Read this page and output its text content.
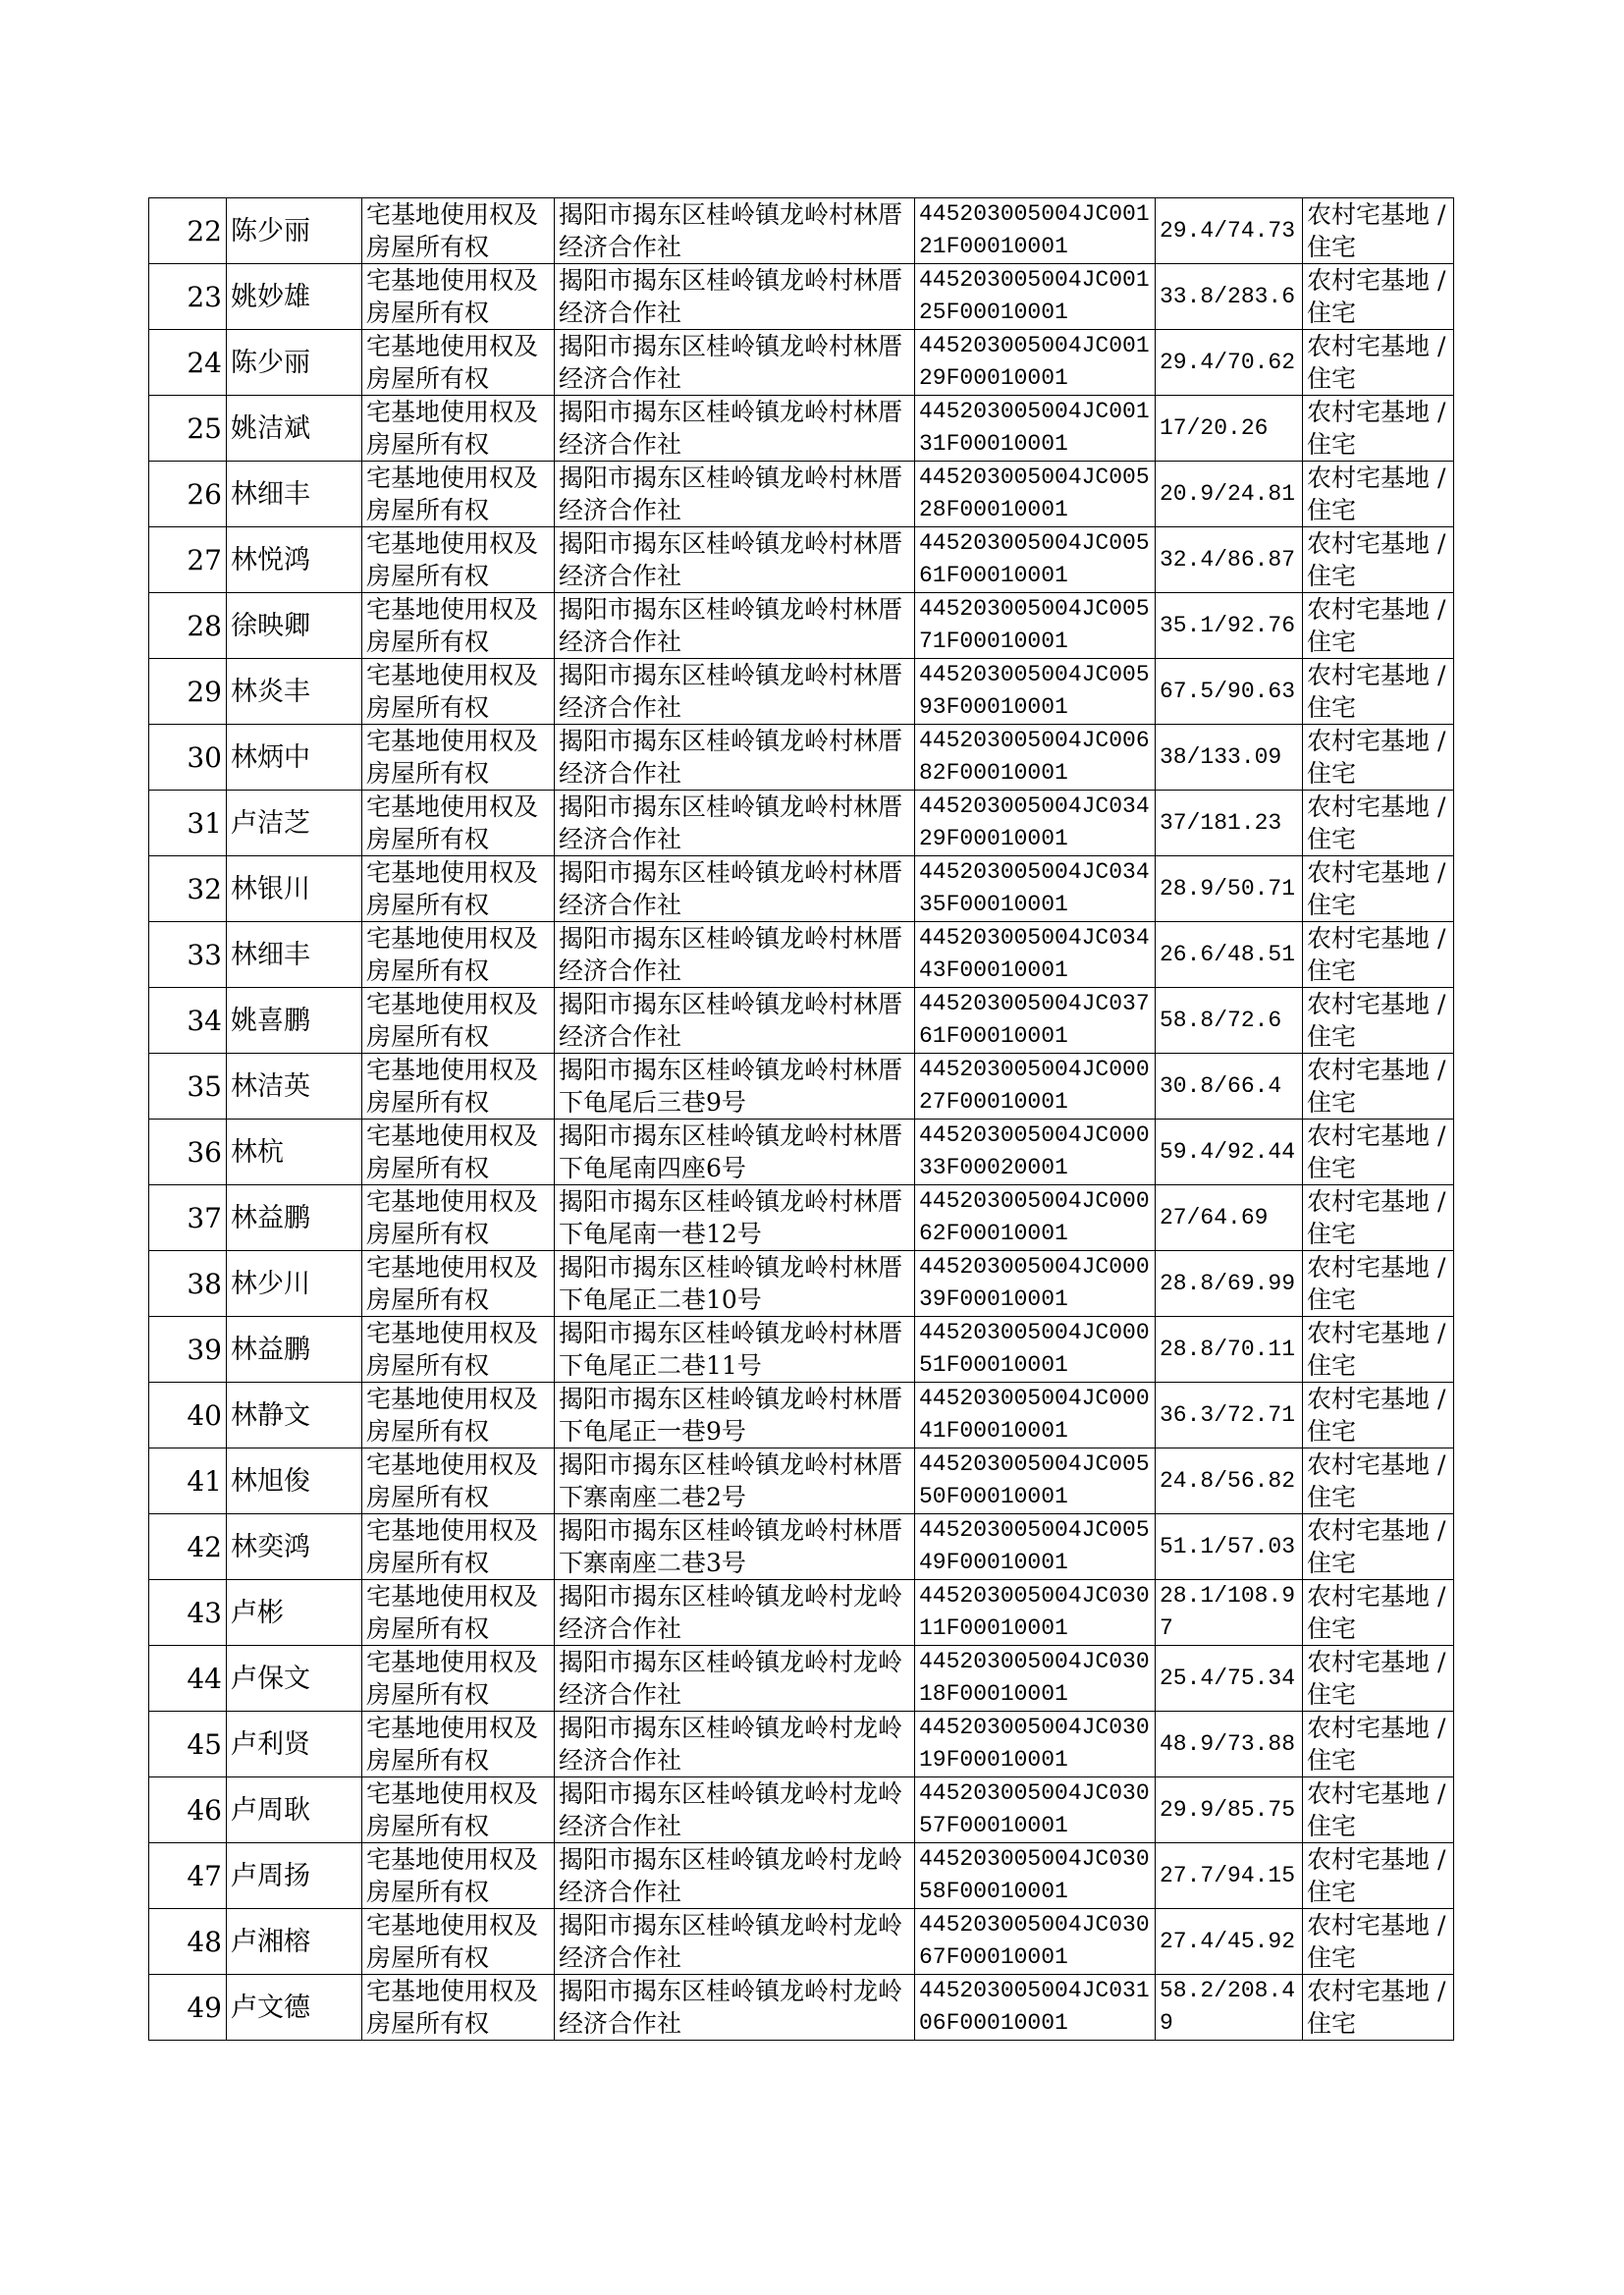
22	陈少丽	宅基地使用权及房屋所有权	揭阳市揭东区桂岭镇龙岭村林厝经济合作社	445203005004JC00121F00010001	29.4/74.73	农村宅基地 / 住宅
23	姚妙雄	宅基地使用权及房屋所有权	揭阳市揭东区桂岭镇龙岭村林厝经济合作社	445203005004JC00125F00010001	33.8/283.6	农村宅基地 / 住宅
24	陈少丽	宅基地使用权及房屋所有权	揭阳市揭东区桂岭镇龙岭村林厝经济合作社	445203005004JC00129F00010001	29.4/70.62	农村宅基地 / 住宅
25	姚洁斌	宅基地使用权及房屋所有权	揭阳市揭东区桂岭镇龙岭村林厝经济合作社	445203005004JC00131F00010001	17/20.26	农村宅基地 / 住宅
26	林细丰	宅基地使用权及房屋所有权	揭阳市揭东区桂岭镇龙岭村林厝经济合作社	445203005004JC00528F00010001	20.9/24.81	农村宅基地 / 住宅
27	林悦鸿	宅基地使用权及房屋所有权	揭阳市揭东区桂岭镇龙岭村林厝经济合作社	445203005004JC00561F00010001	32.4/86.87	农村宅基地 / 住宅
28	徐映卿	宅基地使用权及房屋所有权	揭阳市揭东区桂岭镇龙岭村林厝经济合作社	445203005004JC00571F00010001	35.1/92.76	农村宅基地 / 住宅
29	林炎丰	宅基地使用权及房屋所有权	揭阳市揭东区桂岭镇龙岭村林厝经济合作社	445203005004JC00593F00010001	67.5/90.63	农村宅基地 / 住宅
30	林炳中	宅基地使用权及房屋所有权	揭阳市揭东区桂岭镇龙岭村林厝经济合作社	445203005004JC00682F00010001	38/133.09	农村宅基地 / 住宅
31	卢洁芝	宅基地使用权及房屋所有权	揭阳市揭东区桂岭镇龙岭村林厝经济合作社	445203005004JC03429F00010001	37/181.23	农村宅基地 / 住宅
32	林银川	宅基地使用权及房屋所有权	揭阳市揭东区桂岭镇龙岭村林厝经济合作社	445203005004JC03435F00010001	28.9/50.71	农村宅基地 / 住宅
33	林细丰	宅基地使用权及房屋所有权	揭阳市揭东区桂岭镇龙岭村林厝经济合作社	445203005004JC03443F00010001	26.6/48.51	农村宅基地 / 住宅
34	姚喜鹏	宅基地使用权及房屋所有权	揭阳市揭东区桂岭镇龙岭村林厝经济合作社	445203005004JC03761F00010001	58.8/72.6	农村宅基地 / 住宅
35	林洁英	宅基地使用权及房屋所有权	揭阳市揭东区桂岭镇龙岭村林厝下龟尾后三巷9号	445203005004JC00027F00010001	30.8/66.4	农村宅基地 / 住宅
36	林杭	宅基地使用权及房屋所有权	揭阳市揭东区桂岭镇龙岭村林厝下龟尾南四座6号	445203005004JC00033F00020001	59.4/92.44	农村宅基地 / 住宅
37	林益鹏	宅基地使用权及房屋所有权	揭阳市揭东区桂岭镇龙岭村林厝下龟尾南一巷12号	445203005004JC00062F00010001	27/64.69	农村宅基地 / 住宅
38	林少川	宅基地使用权及房屋所有权	揭阳市揭东区桂岭镇龙岭村林厝下龟尾正二巷10号	445203005004JC00039F00010001	28.8/69.99	农村宅基地 / 住宅
39	林益鹏	宅基地使用权及房屋所有权	揭阳市揭东区桂岭镇龙岭村林厝下龟尾正二巷11号	445203005004JC00051F00010001	28.8/70.11	农村宅基地 / 住宅
40	林静文	宅基地使用权及房屋所有权	揭阳市揭东区桂岭镇龙岭村林厝下龟尾正一巷9号	445203005004JC00041F00010001	36.3/72.71	农村宅基地 / 住宅
41	林旭俊	宅基地使用权及房屋所有权	揭阳市揭东区桂岭镇龙岭村林厝下寨南座二巷2号	445203005004JC00550F00010001	24.8/56.82	农村宅基地 / 住宅
42	林奕鸿	宅基地使用权及房屋所有权	揭阳市揭东区桂岭镇龙岭村林厝下寨南座二巷3号	445203005004JC00549F00010001	51.1/57.03	农村宅基地 / 住宅
43	卢彬	宅基地使用权及房屋所有权	揭阳市揭东区桂岭镇龙岭村龙岭经济合作社	445203005004JC03011F00010001	28.1/108.97	农村宅基地 / 住宅
44	卢保文	宅基地使用权及房屋所有权	揭阳市揭东区桂岭镇龙岭村龙岭经济合作社	445203005004JC03018F00010001	25.4/75.34	农村宅基地 / 住宅
45	卢利贤	宅基地使用权及房屋所有权	揭阳市揭东区桂岭镇龙岭村龙岭经济合作社	445203005004JC03019F00010001	48.9/73.88	农村宅基地 / 住宅
46	卢周耿	宅基地使用权及房屋所有权	揭阳市揭东区桂岭镇龙岭村龙岭经济合作社	445203005004JC03057F00010001	29.9/85.75	农村宅基地 / 住宅
47	卢周扬	宅基地使用权及房屋所有权	揭阳市揭东区桂岭镇龙岭村龙岭经济合作社	445203005004JC03058F00010001	27.7/94.15	农村宅基地 / 住宅
48	卢湘榕	宅基地使用权及房屋所有权	揭阳市揭东区桂岭镇龙岭村龙岭经济合作社	445203005004JC03067F00010001	27.4/45.92	农村宅基地 / 住宅
49	卢文德	宅基地使用权及房屋所有权	揭阳市揭东区桂岭镇龙岭村龙岭经济合作社	445203005004JC03106F00010001	58.2/208.49	农村宅基地 / 住宅
